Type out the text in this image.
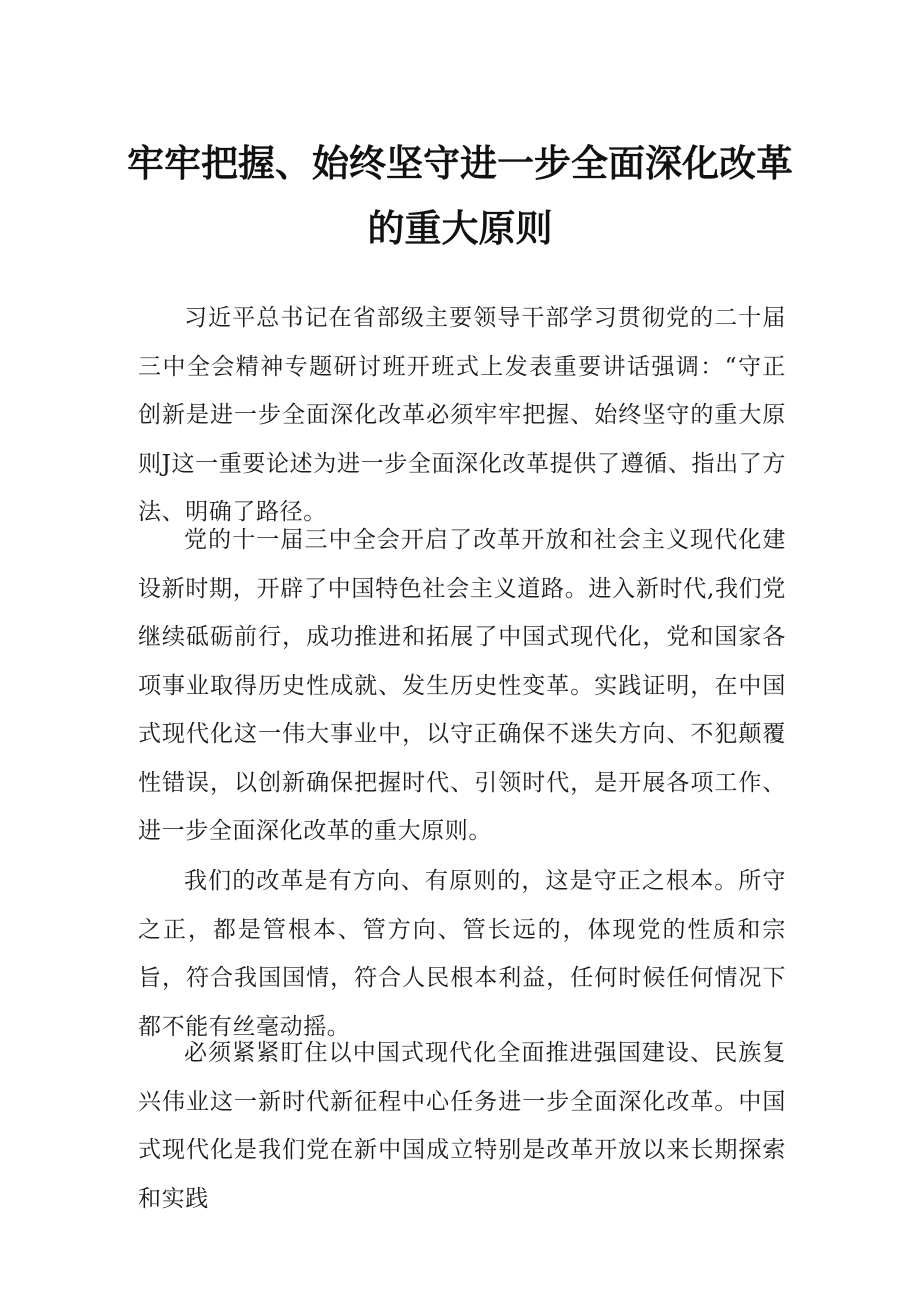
牢牢把握、始终坚守进一步全面深化改革
的重大原则

习近平总书记在省部级主要领导干部学习贯彻党的二十届三中全会精神专题研讨班开班式上发表重要讲话强调：“守正创新是进一步全面深化改革必须牢牢把握、始终坚守的重大原则J这一重要论述为进一步全面深化改革提供了遵循、指出了方法、明确了路径。

党的十一届三中全会开启了改革开放和社会主义现代化建设新时期，开辟了中国特色社会主义道路。进入新时代,我们党继续砥砺前行，成功推进和拓展了中国式现代化，党和国家各项事业取得历史性成就、发生历史性变革。实践证明，在中国式现代化这一伟大事业中，以守正确保不迷失方向、不犯颠覆性错误，以创新确保把握时代、引领时代，是开展各项工作、进一步全面深化改革的重大原则。

我们的改革是有方向、有原则的，这是守正之根本。所守之正，都是管根本、管方向、管长远的，体现党的性质和宗旨，符合我国国情，符合人民根本利益，任何时候任何情况下都不能有丝毫动摇。

必须紧紧盯住以中国式现代化全面推进强国建设、民族复兴伟业这一新时代新征程中心任务进一步全面深化改革。中国式现代化是我们党在新中国成立特别是改革开放以来长期探索和实践
